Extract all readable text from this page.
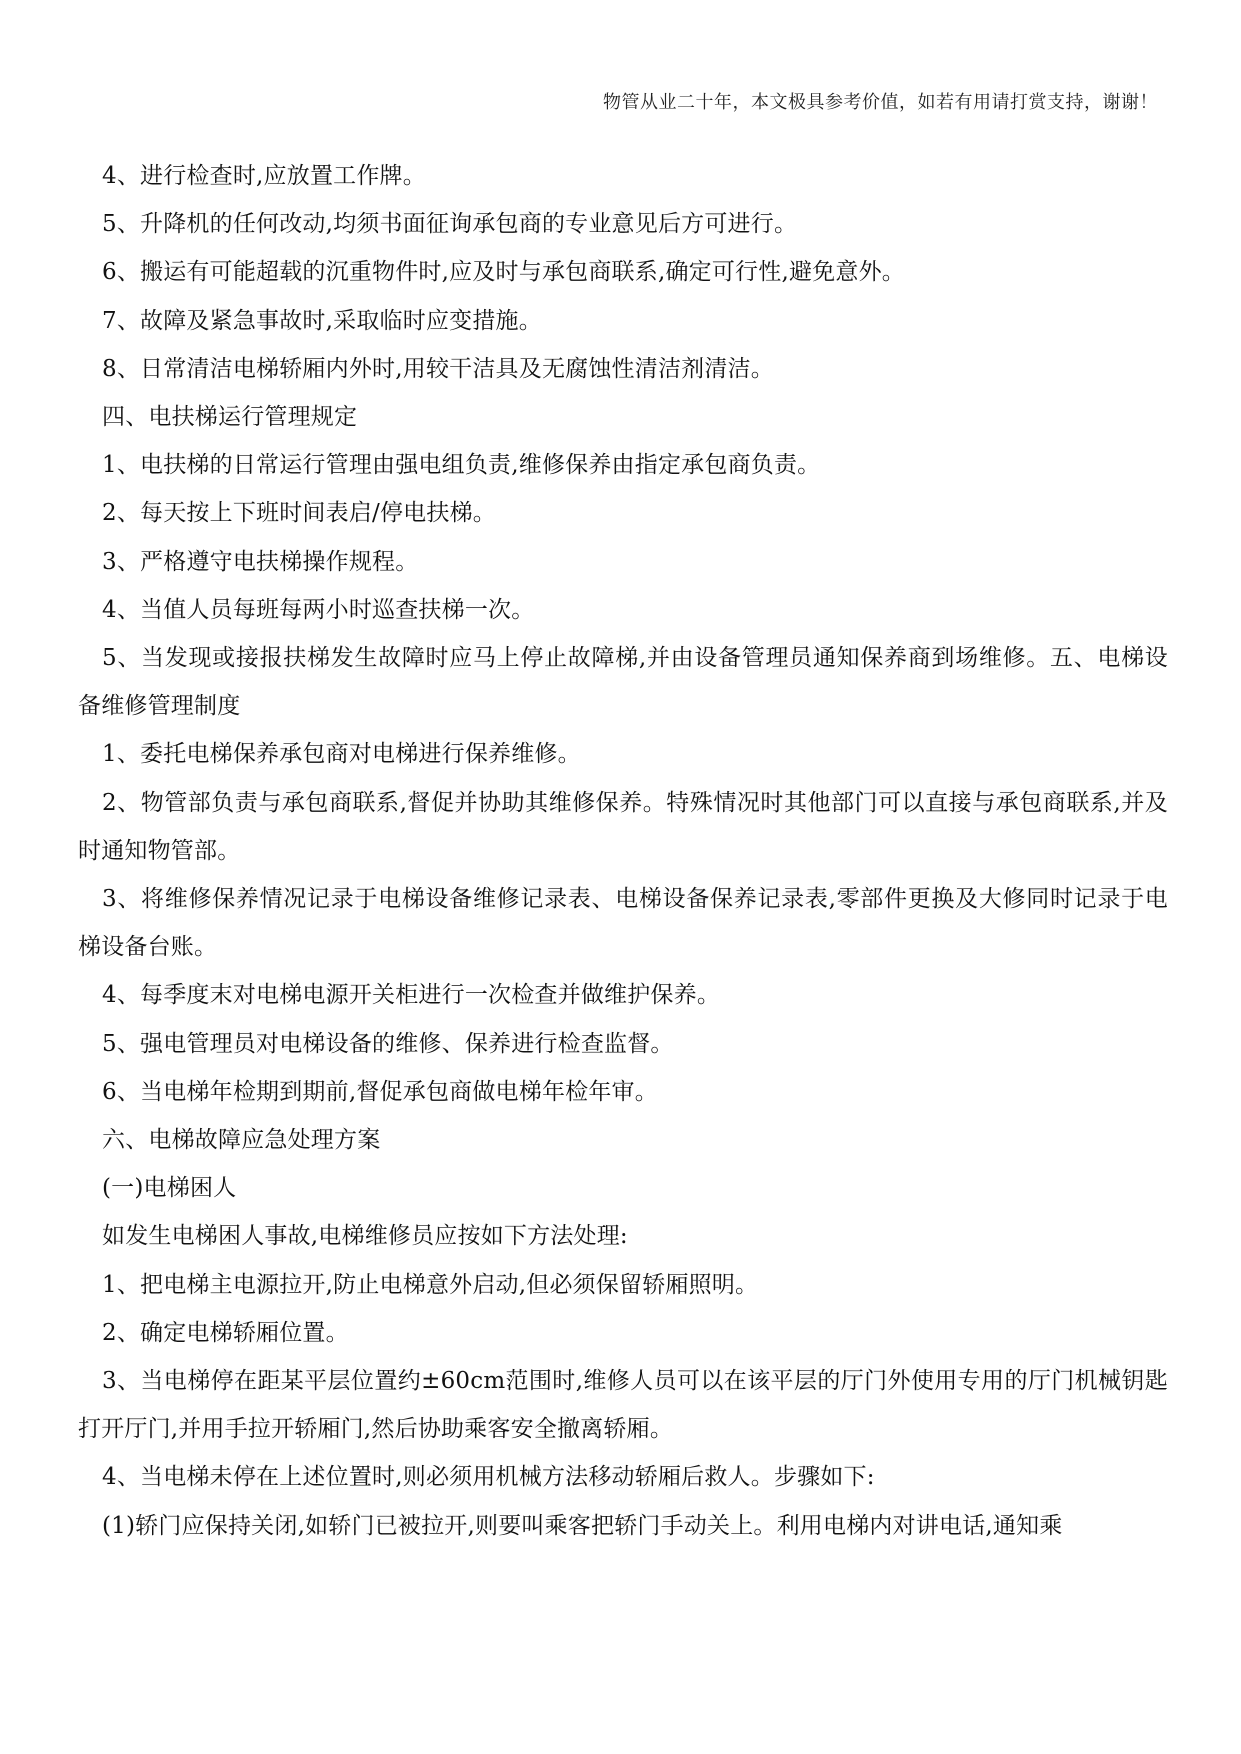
物管从业二十年，本文极具参考价值，如若有用请打赏支持，谢谢！

4、进行检查时,应放置工作牌。

5、升降机的任何改动,均须书面征询承包商的专业意见后方可进行。

6、搬运有可能超载的沉重物件时,应及时与承包商联系,确定可行性,避免意外。

7、故障及紧急事故时,采取临时应变措施。

8、日常清洁电梯轿厢内外时,用较干洁具及无腐蚀性清洁剂清洁。

四、电扶梯运行管理规定

1、电扶梯的日常运行管理由强电组负责,维修保养由指定承包商负责。

2、每天按上下班时间表启/停电扶梯。

3、严格遵守电扶梯操作规程。

4、当值人员每班每两小时巡查扶梯一次。

5、当发现或接报扶梯发生故障时应马上停止故障梯,并由设备管理员通知保养商到场维修。五、电梯设备维修管理制度

1、委托电梯保养承包商对电梯进行保养维修。

2、物管部负责与承包商联系,督促并协助其维修保养。特殊情况时其他部门可以直接与承包商联系,并及时通知物管部。

3、将维修保养情况记录于电梯设备维修记录表、电梯设备保养记录表,零部件更换及大修同时记录于电梯设备台账。

4、每季度末对电梯电源开关柜进行一次检查并做维护保养。

5、强电管理员对电梯设备的维修、保养进行检查监督。

6、当电梯年检期到期前,督促承包商做电梯年检年审。

六、电梯故障应急处理方案

(一)电梯困人

如发生电梯困人事故,电梯维修员应按如下方法处理:

1、把电梯主电源拉开,防止电梯意外启动,但必须保留轿厢照明。

2、确定电梯轿厢位置。

3、当电梯停在距某平层位置约±60cm范围时,维修人员可以在该平层的厅门外使用专用的厅门机械钥匙打开厅门,并用手拉开轿厢门,然后协助乘客安全撤离轿厢。

4、当电梯未停在上述位置时,则必须用机械方法移动轿厢后救人。步骤如下:

(1)轿门应保持关闭,如轿门已被拉开,则要叫乘客把轿门手动关上。利用电梯内对讲电话,通知乘
